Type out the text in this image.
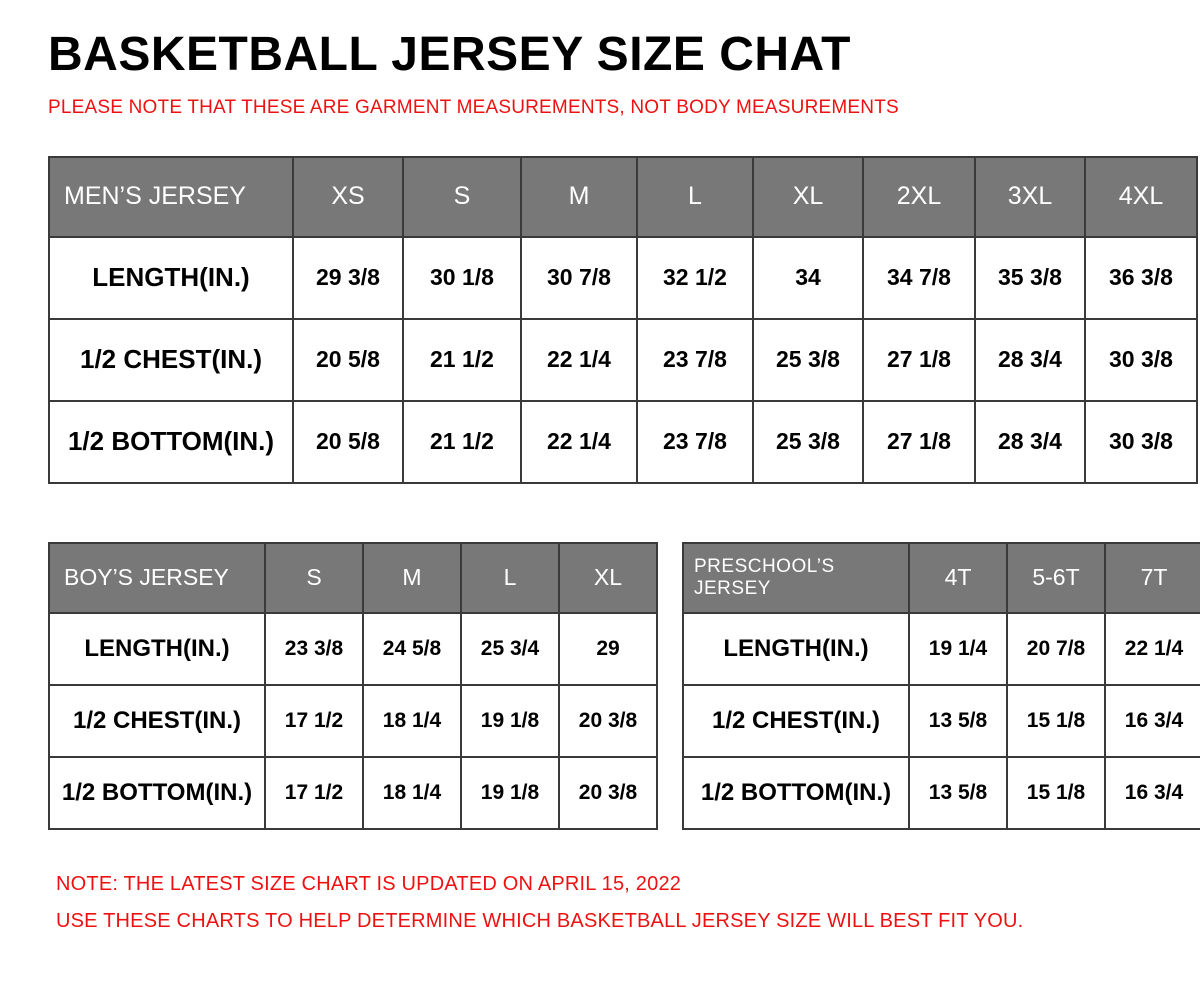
BASKETBALL JERSEY SIZE CHAT

PLEASE NOTE THAT THESE ARE GARMENT MEASUREMENTS, NOT BODY MEASUREMENTS

MEN’S JERSEY	XS	S	M	L	XL	2XL	3XL	4XL
LENGTH(IN.)	29 3/8	30 1/8	30 7/8	32 1/2	34	34 7/8	35 3/8	36 3/8
1/2 CHEST(IN.)	20 5/8	21 1/2	22 1/4	23 7/8	25 3/8	27 1/8	28 3/4	30 3/8
1/2 BOTTOM(IN.)	20 5/8	21 1/2	22 1/4	23 7/8	25 3/8	27 1/8	28 3/4	30 3/8
BOY’S JERSEY	S	M	L	XL
LENGTH(IN.)	23 3/8	24 5/8	25 3/4	29
1/2 CHEST(IN.)	17 1/2	18 1/4	19 1/8	20 3/8
1/2 BOTTOM(IN.)	17 1/2	18 1/4	19 1/8	20 3/8
PRESCHOOL’S JERSEY	4T	5-6T	7T
LENGTH(IN.)	19 1/4	20 7/8	22 1/4
1/2 CHEST(IN.)	13 5/8	15 1/8	16 3/4
1/2 BOTTOM(IN.)	13 5/8	15 1/8	16 3/4
NOTE: THE LATEST SIZE CHART IS UPDATED ON APRIL 15, 2022
USE THESE CHARTS TO HELP DETERMINE WHICH BASKETBALL JERSEY SIZE WILL BEST FIT YOU.
